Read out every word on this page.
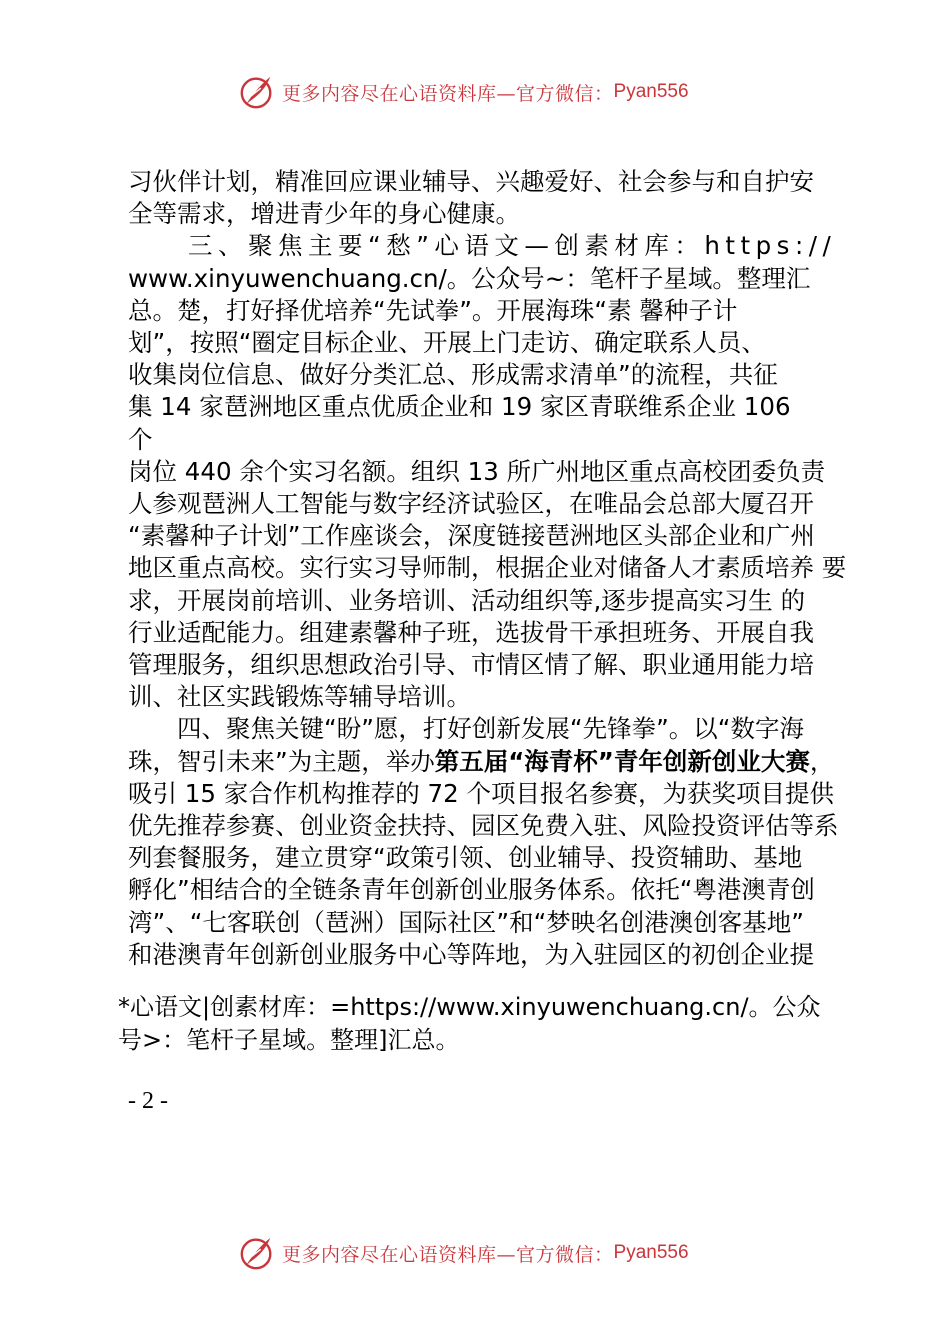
更多内容尽在心语资料库—官方微信： Pyan556

习伙伴计划，精准回应课业辅导、兴趣爱好、社会参与和自护安

全等需求，增进青少年的身心健康。

　　三、聚焦主要“愁”心语文—创素材库：https://

www.xinyuwenchuang.cn/。公众号~：笔杆子星域。整理汇

总。楚，打好择优培养“先试拳”。开展海珠“素 馨种子计

划”，按照“圈定目标企业、开展上门走访、确定联系人员、

收集岗位信息、做好分类汇总、形成需求清单”的流程，共征

集 14 家琶洲地区重点优质企业和 19 家区青联维系企业 106

个

岗位 440 余个实习名额。组织 13 所广州地区重点高校团委负责

人参观琶洲人工智能与数字经济试验区，在唯品会总部大厦召开

“素馨种子计划”工作座谈会，深度链接琶洲地区头部企业和广州

地区重点高校。实行实习导师制，根据企业对储备人才素质培养 要

求，开展岗前培训、业务培训、活动组织等,逐步提高实习生 的

行业适配能力。组建素馨种子班，选拔骨干承担班务、开展自我

管理服务，组织思想政治引导、市情区情了解、职业通用能力培

训、社区实践锻炼等辅导培训。

　　四、聚焦关键“盼”愿，打好创新发展“先锋拳”。以“数字海

珠，智引未来”为主题，举办第五届“海青杯”青年创新创业大赛，

吸引 15 家合作机构推荐的 72 个项目报名参赛，为获奖项目提供

优先推荐参赛、创业资金扶持、园区免费入驻、风险投资评估等系

列套餐服务，建立贯穿“政策引领、创业辅导、投资辅助、基地

孵化”相结合的全链条青年创新创业服务体系。依托“粤港澳青创

湾”、“七客联创（琶洲）国际社区”和“梦映名创港澳创客基地”

和港澳青年创新创业服务中心等阵地，为入驻园区的初创企业提

*心语文|创素材库：=https://www.xinyuwenchuang.cn/。公众

号>：笔杆子星域。整理]汇总。

- 2 -
更多内容尽在心语资料库—官方微信： Pyan556
